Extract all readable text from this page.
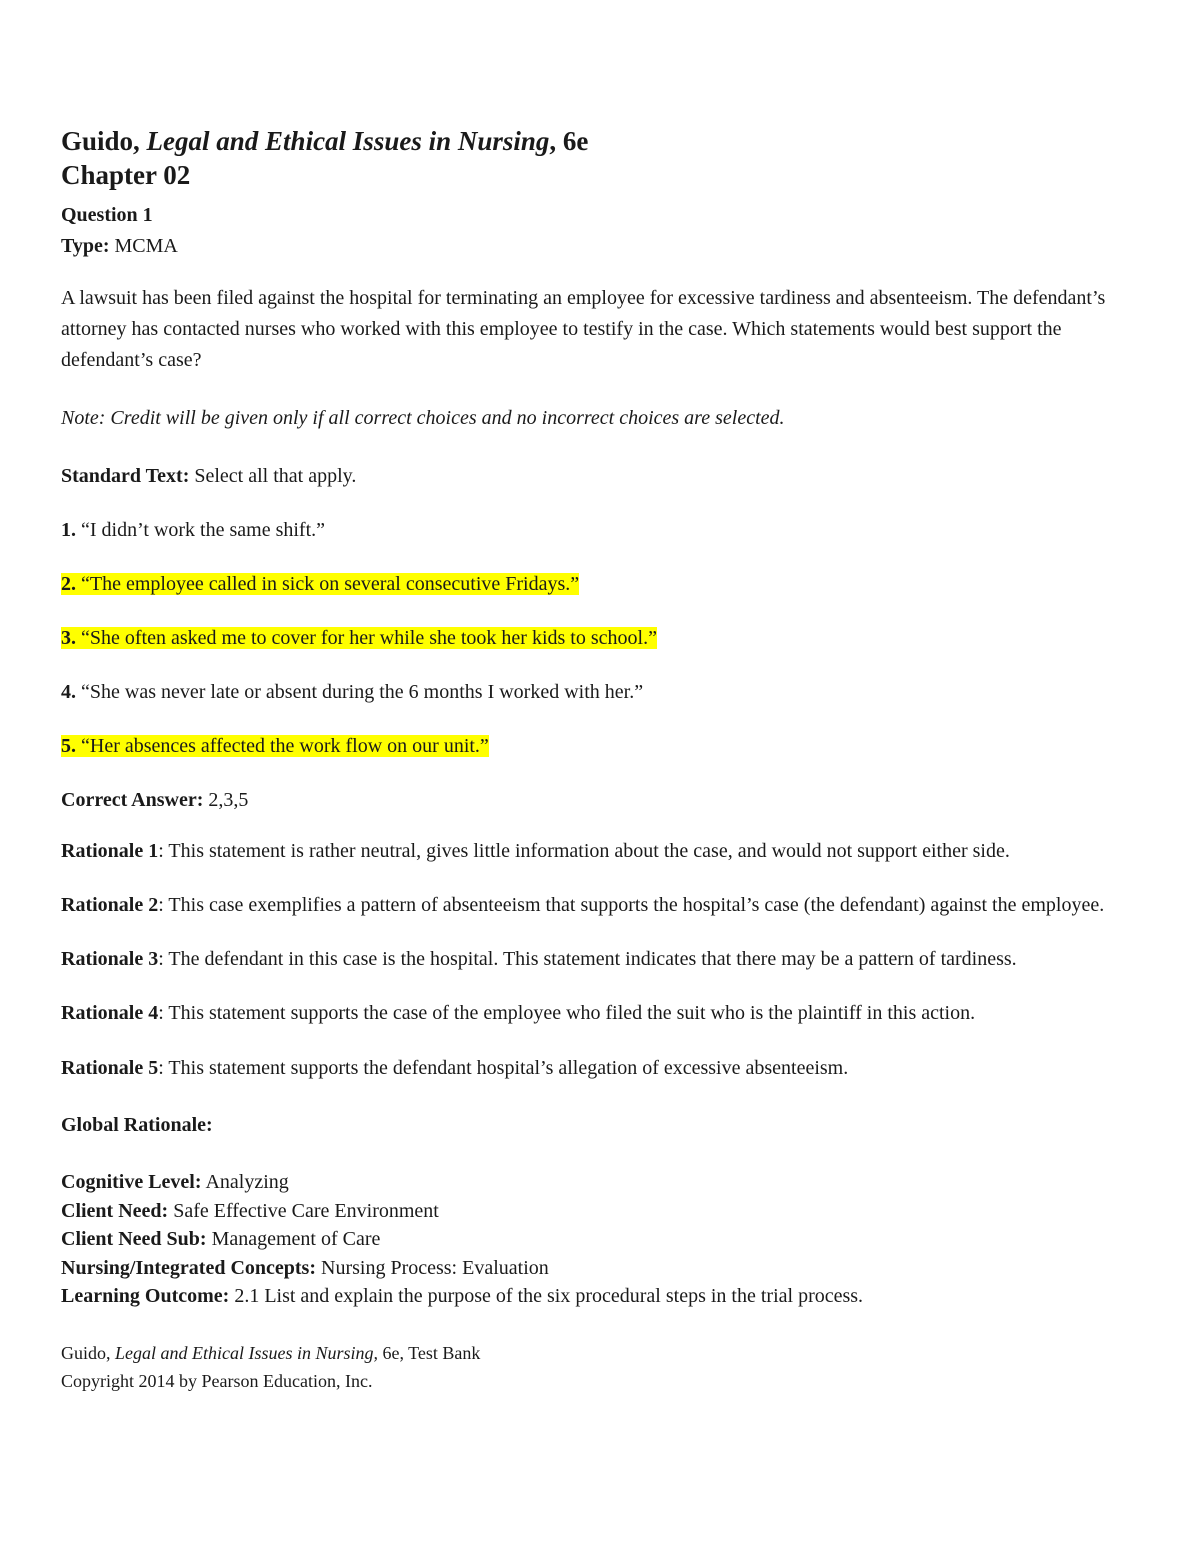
Guido, Legal and Ethical Issues in Nursing, 6e

Chapter 02

Question 1

Type: MCMA

A lawsuit has been filed against the hospital for terminating an employee for excessive tardiness and absenteeism. The defendant’s attorney has contacted nurses who worked with this employee to testify in the case. Which statements would best support the defendant’s case?

Note: Credit will be given only if all correct choices and no incorrect choices are selected.

Standard Text: Select all that apply.

1. “I didn’t work the same shift.”

2. “The employee called in sick on several consecutive Fridays.”

3. “She often asked me to cover for her while she took her kids to school.”

4. “She was never late or absent during the 6 months I worked with her.”

5. “Her absences affected the work flow on our unit.”

Correct Answer: 2,3,5

Rationale 1: This statement is rather neutral, gives little information about the case, and would not support either side.

Rationale 2: This case exemplifies a pattern of absenteeism that supports the hospital’s case (the defendant) against the employee.

Rationale 3: The defendant in this case is the hospital. This statement indicates that there may be a pattern of tardiness.

Rationale 4: This statement supports the case of the employee who filed the suit who is the plaintiff in this action.

Rationale 5: This statement supports the defendant hospital’s allegation of excessive absenteeism.

Global Rationale:

Cognitive Level: Analyzing

Client Need: Safe Effective Care Environment

Client Need Sub: Management of Care

Nursing/Integrated Concepts: Nursing Process: Evaluation

Learning Outcome: 2.1 List and explain the purpose of the six procedural steps in the trial process.

Guido, Legal and Ethical Issues in Nursing, 6e, Test Bank

Copyright 2014 by Pearson Education, Inc.
